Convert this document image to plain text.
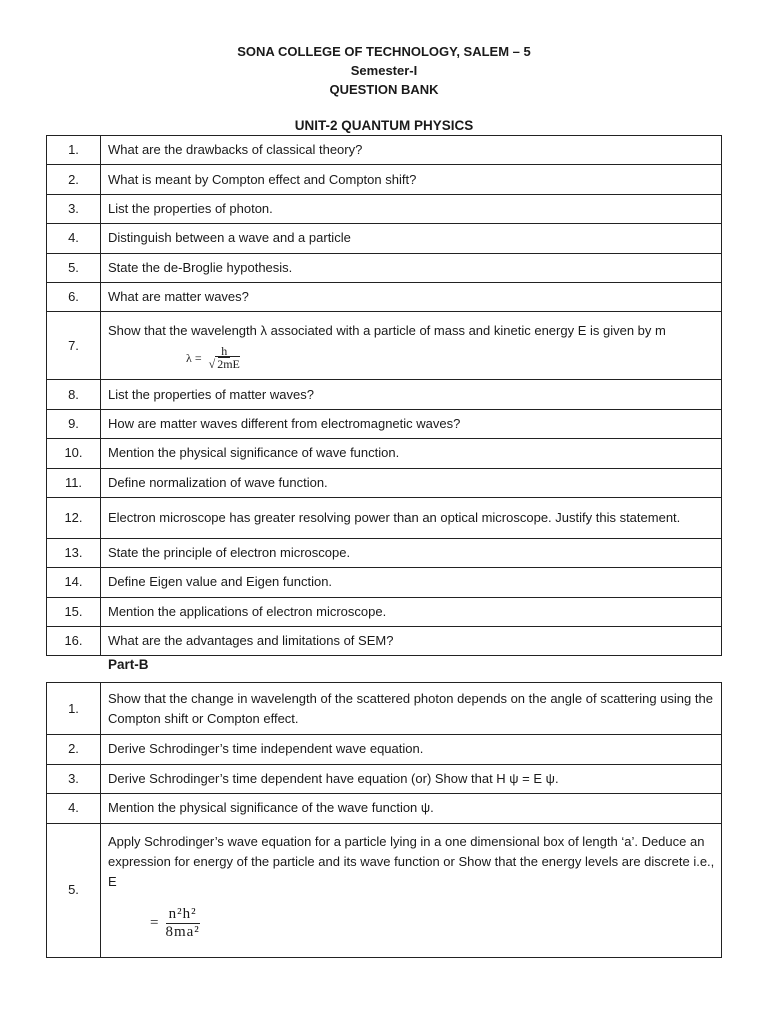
SONA COLLEGE OF TECHNOLOGY, SALEM – 5
Semester-I
QUESTION BANK
UNIT-2 QUANTUM PHYSICS
1.	What are the drawbacks of classical theory?
2.	What is meant by Compton effect and Compton shift?
3.	List the properties of photon.
4.	Distinguish between a wave and a particle
5.	State the de-Broglie hypothesis.
6.	What are matter waves?
7.	Show that the wavelength λ associated with a particle of mass and kinetic energy E is given by m
$\lambda = \frac{h}{√ 2mE}$

8.	List the properties of matter waves?
9.	How are matter waves different from electromagnetic waves?
10.	Mention the physical significance of wave function.
11.	Define normalization of wave function.
12.	Electron microscope has greater resolving power than an optical microscope. Justify this statement.
13.	State the principle of electron microscope.
14.	Define Eigen value and Eigen function.
15.	Mention the applications of electron microscope.
16.	What are the advantages and limitations of SEM?
Part-B
1.	Show that the change in wavelength of the scattered photon depends on the angle of scattering using the Compton shift or Compton effect.
2.	Derive Schrodinger’s time independent wave equation.
3.	Derive Schrodinger’s time dependent have equation (or) Show that H ψ = E ψ.
4.	Mention the physical significance of the wave function ψ.
5.	Apply Schrodinger’s wave equation for a particle lying in a one dimensional box of length ‘a’. Deduce an expression for energy of the particle and its wave function or Show that the energy levels are discrete i.e., E
= $\frac{\text{n²h²}}{\text{8ma²}}$
